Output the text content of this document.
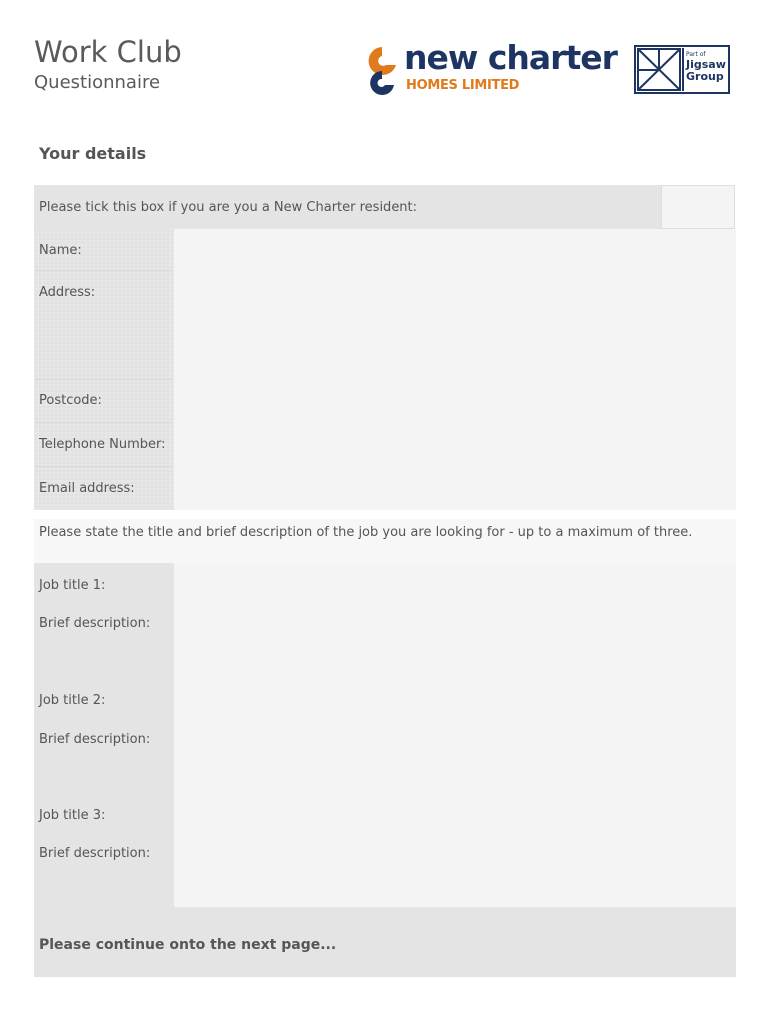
Work Club
Questionnaire
new charter
HOMES LIMITED
Part of
Jigsaw
Group
Your details
Please tick this box if you are you a New Charter resident:
Name:
Address:
Postcode:
Telephone Number:
Email address:
Please state the title and brief description of the job you are looking for - up to a maximum of three.
Job title 1:
Brief description:
Job title 2:
Brief description:
Job title 3:
Brief description:
Please continue onto the next page...
